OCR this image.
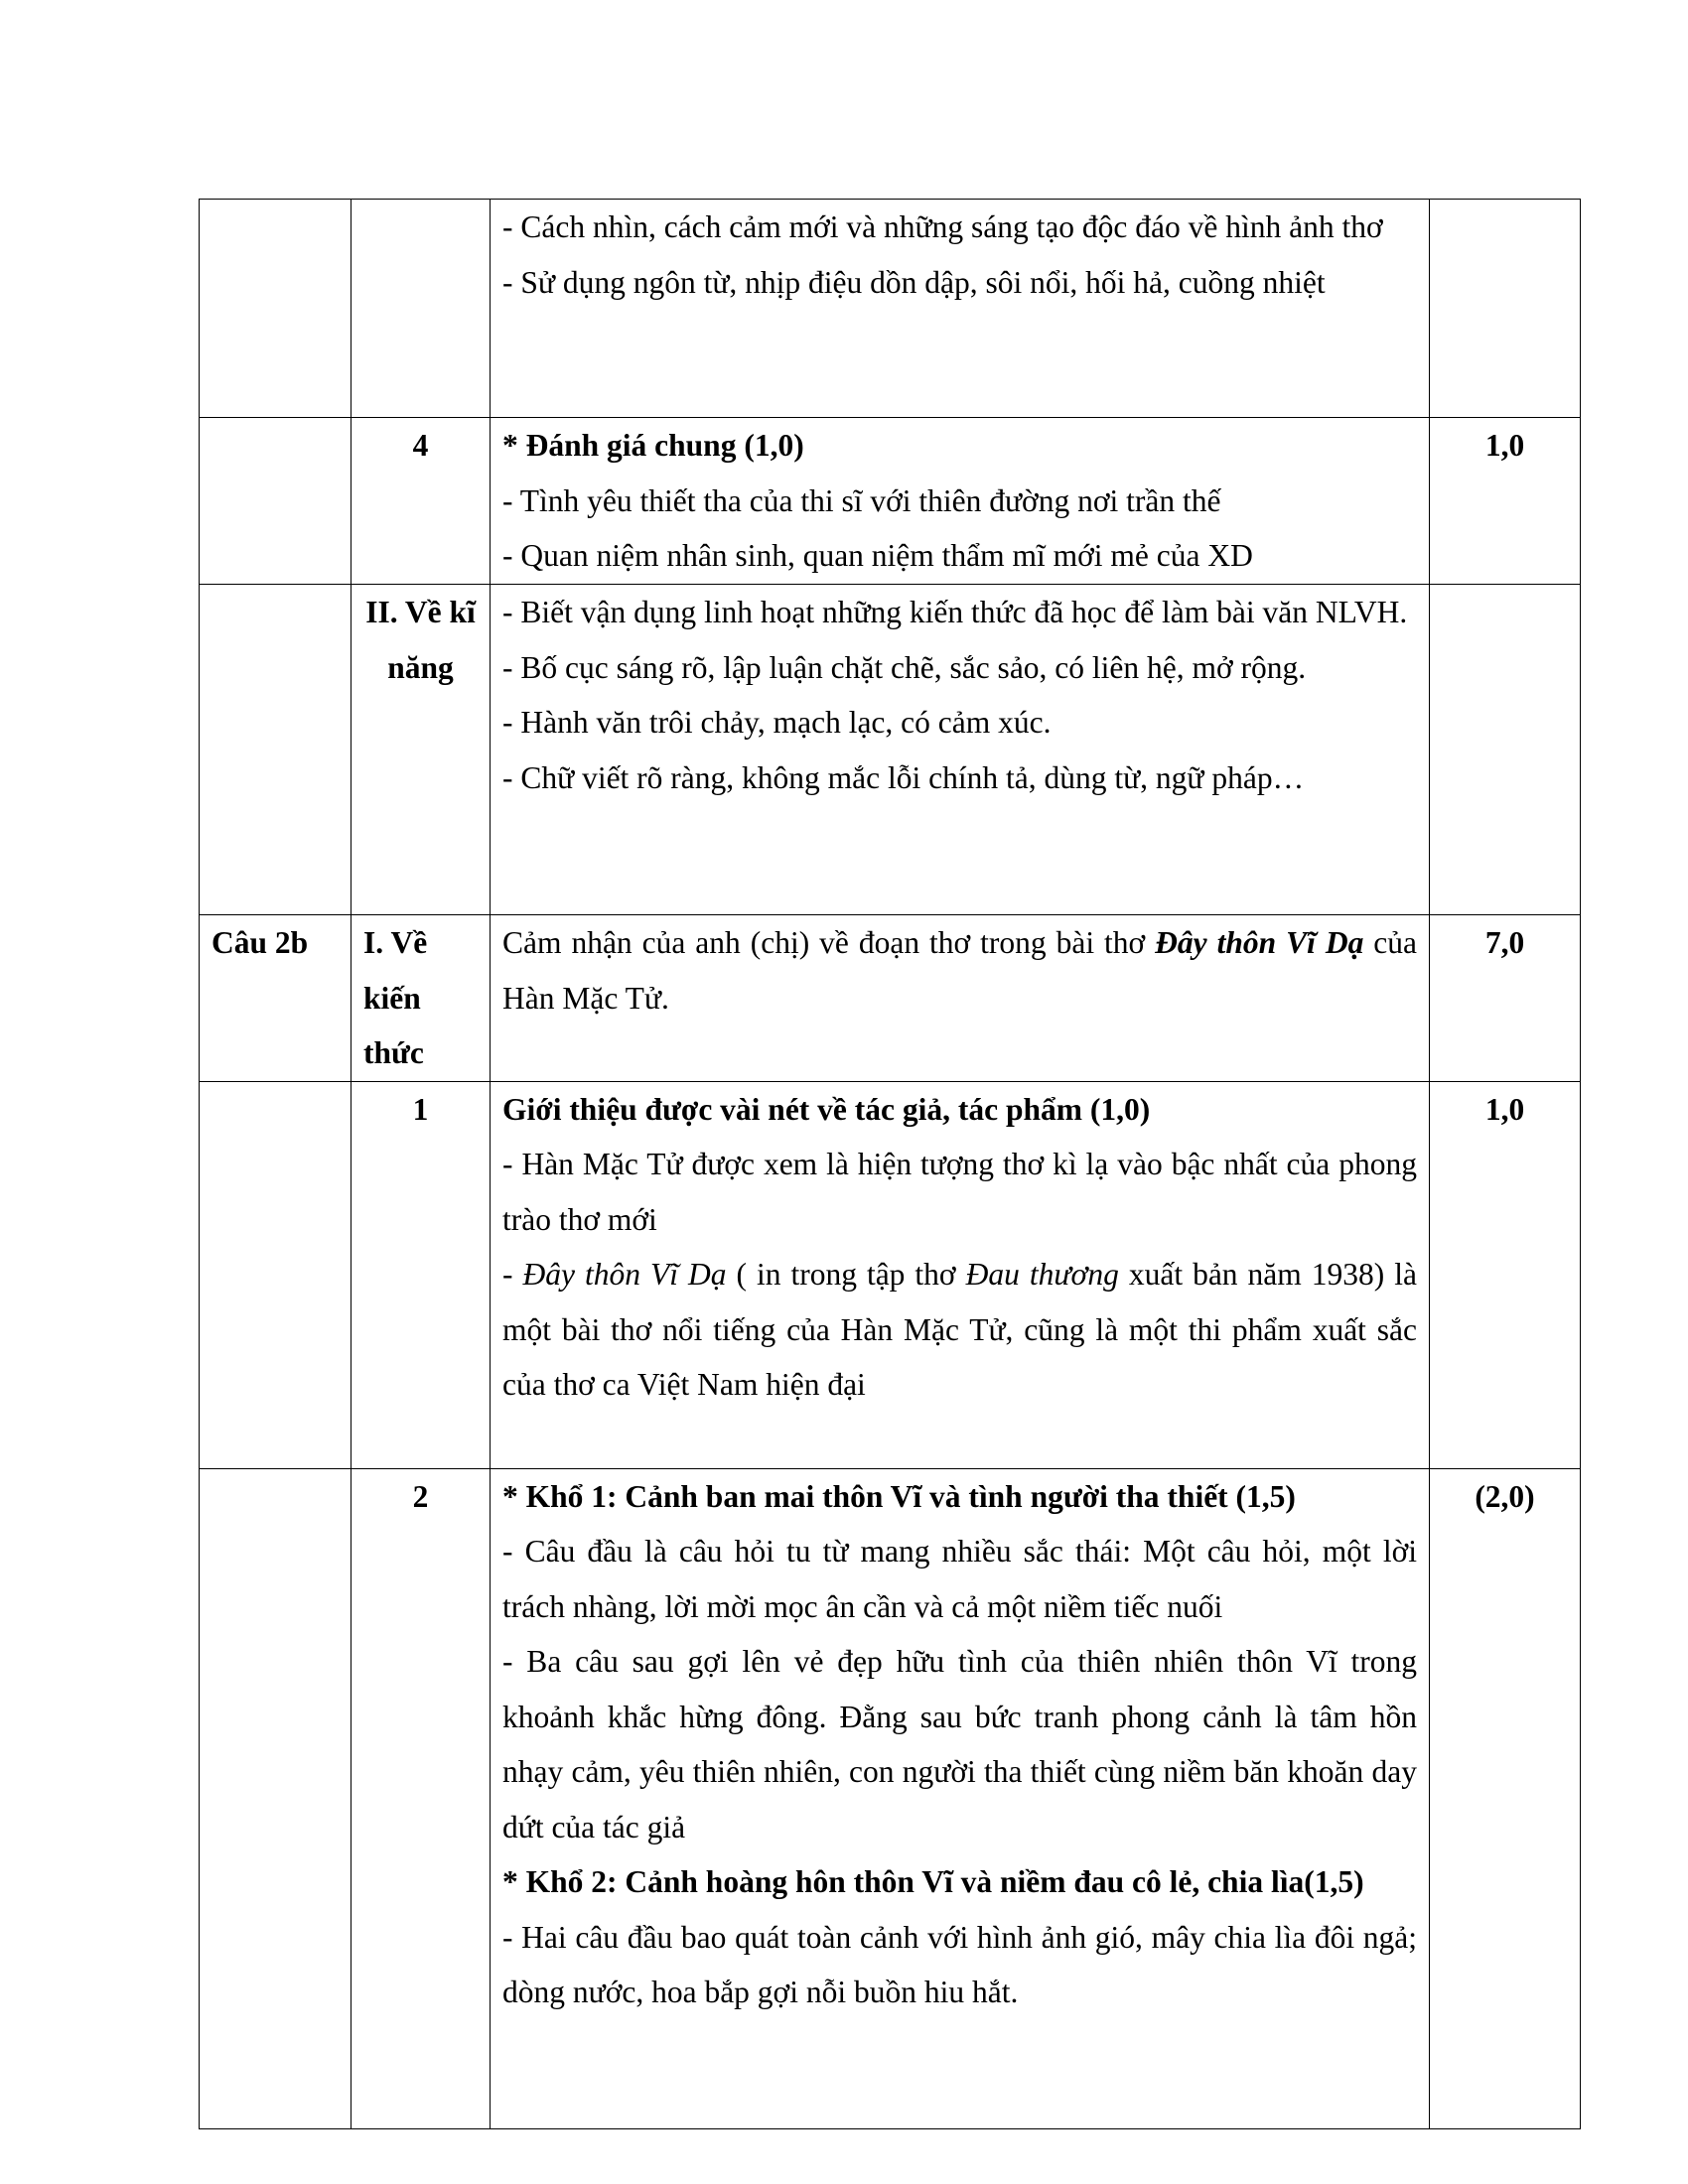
		- Cách nhìn, cách cảm mới và những sáng tạo độc đáo về hình ảnh thơ
- Sử dụng ngôn từ, nhịp điệu dồn dập, sôi nổi, hối hả, cuồng nhiệt	

	4	* Đánh giá chung (1,0)
- Tình yêu thiết tha của thi sĩ với thiên đường nơi trần thế
- Quan niệm nhân sinh, quan niệm thẩm mĩ mới mẻ của XD	1,0
	II. Về kĩ năng	- Biết vận dụng linh hoạt những kiến thức đã học để làm bài văn NLVH.
- Bố cục sáng rõ, lập luận chặt chẽ, sắc sảo, có liên hệ, mở rộng.
- Hành văn trôi chảy, mạch lạc, có cảm xúc.
- Chữ viết rõ ràng, không mắc lỗi chính tả, dùng từ, ngữ pháp…	

Câu 2b	I. Về kiến thức	Cảm nhận của anh (chị) về đoạn thơ trong bài thơ Đây thôn Vĩ Dạ của Hàn Mặc Tử.	7,0
	1	Giới thiệu được vài nét về tác giả, tác phẩm (1,0)
- Hàn Mặc Tử được xem là hiện tượng thơ kì lạ vào bậc nhất của phong trào thơ mới
- Đây thôn Vĩ Dạ ( in trong tập thơ Đau thương xuất bản năm 1938) là một bài thơ nổi tiếng của Hàn Mặc Tử, cũng là một thi phẩm xuất sắc của thơ ca Việt Nam hiện đại	1,0
	2	* Khổ 1: Cảnh ban mai thôn Vĩ và tình người tha thiết (1,5)
- Câu đầu là câu hỏi tu từ mang nhiều sắc thái: Một câu hỏi, một lời trách nhàng, lời mời mọc ân cần và cả một niềm tiếc nuối
- Ba câu sau gợi lên vẻ đẹp hữu tình của thiên nhiên thôn Vĩ trong khoảnh khắc hừng đông. Đằng sau bức tranh phong cảnh là tâm hồn nhạy cảm, yêu thiên nhiên, con người tha thiết cùng niềm băn khoăn day dứt của tác giả
* Khổ 2: Cảnh hoàng hôn thôn Vĩ và niềm đau cô lẻ, chia lìa(1,5)
- Hai câu đầu bao quát toàn cảnh với hình ảnh gió, mây chia lìa đôi ngả; dòng nước, hoa bắp gợi nỗi buồn hiu hắt.	(2,0)
